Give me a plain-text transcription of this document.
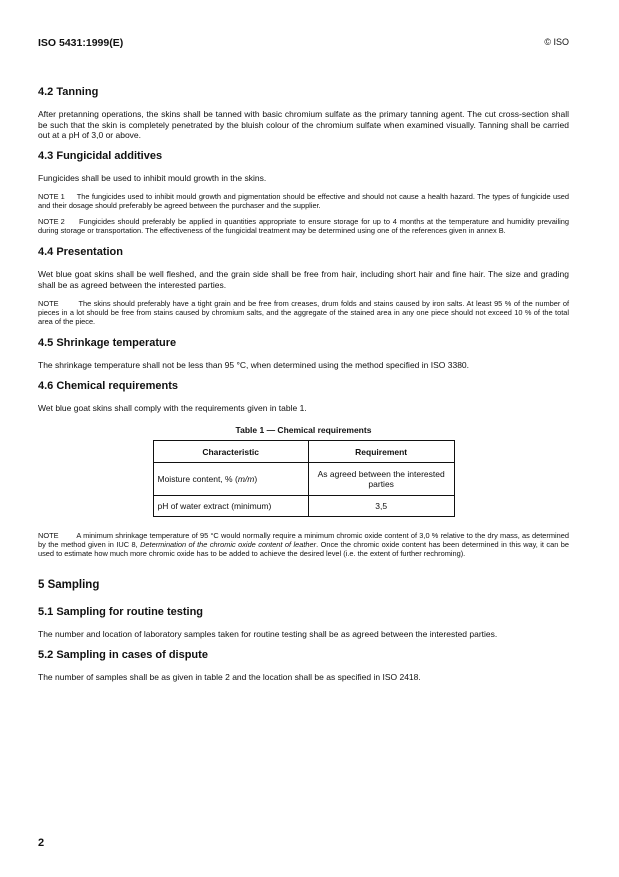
ISO 5431:1999(E)	© ISO
4.2 Tanning

After pretanning operations, the skins shall be tanned with basic chromium sulfate as the primary tanning agent. The cut cross-section shall be such that the skin is completely penetrated by the bluish colour of the chromium sulfate when examined visually. Tanning shall be carried out at a pH of 3,0 or above.

4.3 Fungicidal additives

Fungicides shall be used to inhibit mould growth in the skins.

NOTE 1 The fungicides used to inhibit mould growth and pigmentation should be effective and should not cause a health hazard. The types of fungicide used and their dosage should preferably be agreed between the purchaser and the supplier.

NOTE 2 Fungicides should preferably be applied in quantities appropriate to ensure storage for up to 4 months at the temperature and humidity prevailing during storage or transportation. The effectiveness of the fungicidal treatment may be determined using one of the references given in annex B.

4.4 Presentation

Wet blue goat skins shall be well fleshed, and the grain side shall be free from hair, including short hair and fine hair. The size and grading shall be as agreed between the interested parties.

NOTE	The skins should preferably have a tight grain and be free from creases, drum folds and stains caused by iron salts. At least 95 % of the number of pieces in a lot should be free from stains caused by chromium salts, and the aggregate of the stained area in any one piece should not exceed 10 % of the total area of the piece.

4.5 Shrinkage temperature

The shrinkage temperature shall not be less than 95 °C, when determined using the method specified in ISO 3380.

4.6 Chemical requirements

Wet blue goat skins shall comply with the requirements given in table 1.

Table 1 — Chemical requirements
Characteristic	Requirement
Moisture content, % (m/m)	As agreed between the interested parties
pH of water extract (minimum)	3,5

NOTE A minimum shrinkage temperature of 95 °C would normally require a minimum chromic oxide content of 3,0 % relative to the dry mass, as determined by the method given in IUC 8, Determination of the chromic oxide content of leather. Once the chromic oxide content has been determined in this way, it can be used to estimate how much more chromic oxide has to be added to achieve the desired level (i.e. the extent of further rechroming).

5 Sampling
5.1 Sampling for routine testing

The number and location of laboratory samples taken for routine testing shall be as agreed between the interested parties.

5.2 Sampling in cases of dispute

The number of samples shall be as given in table 2 and the location shall be as specified in ISO 2418.

2
